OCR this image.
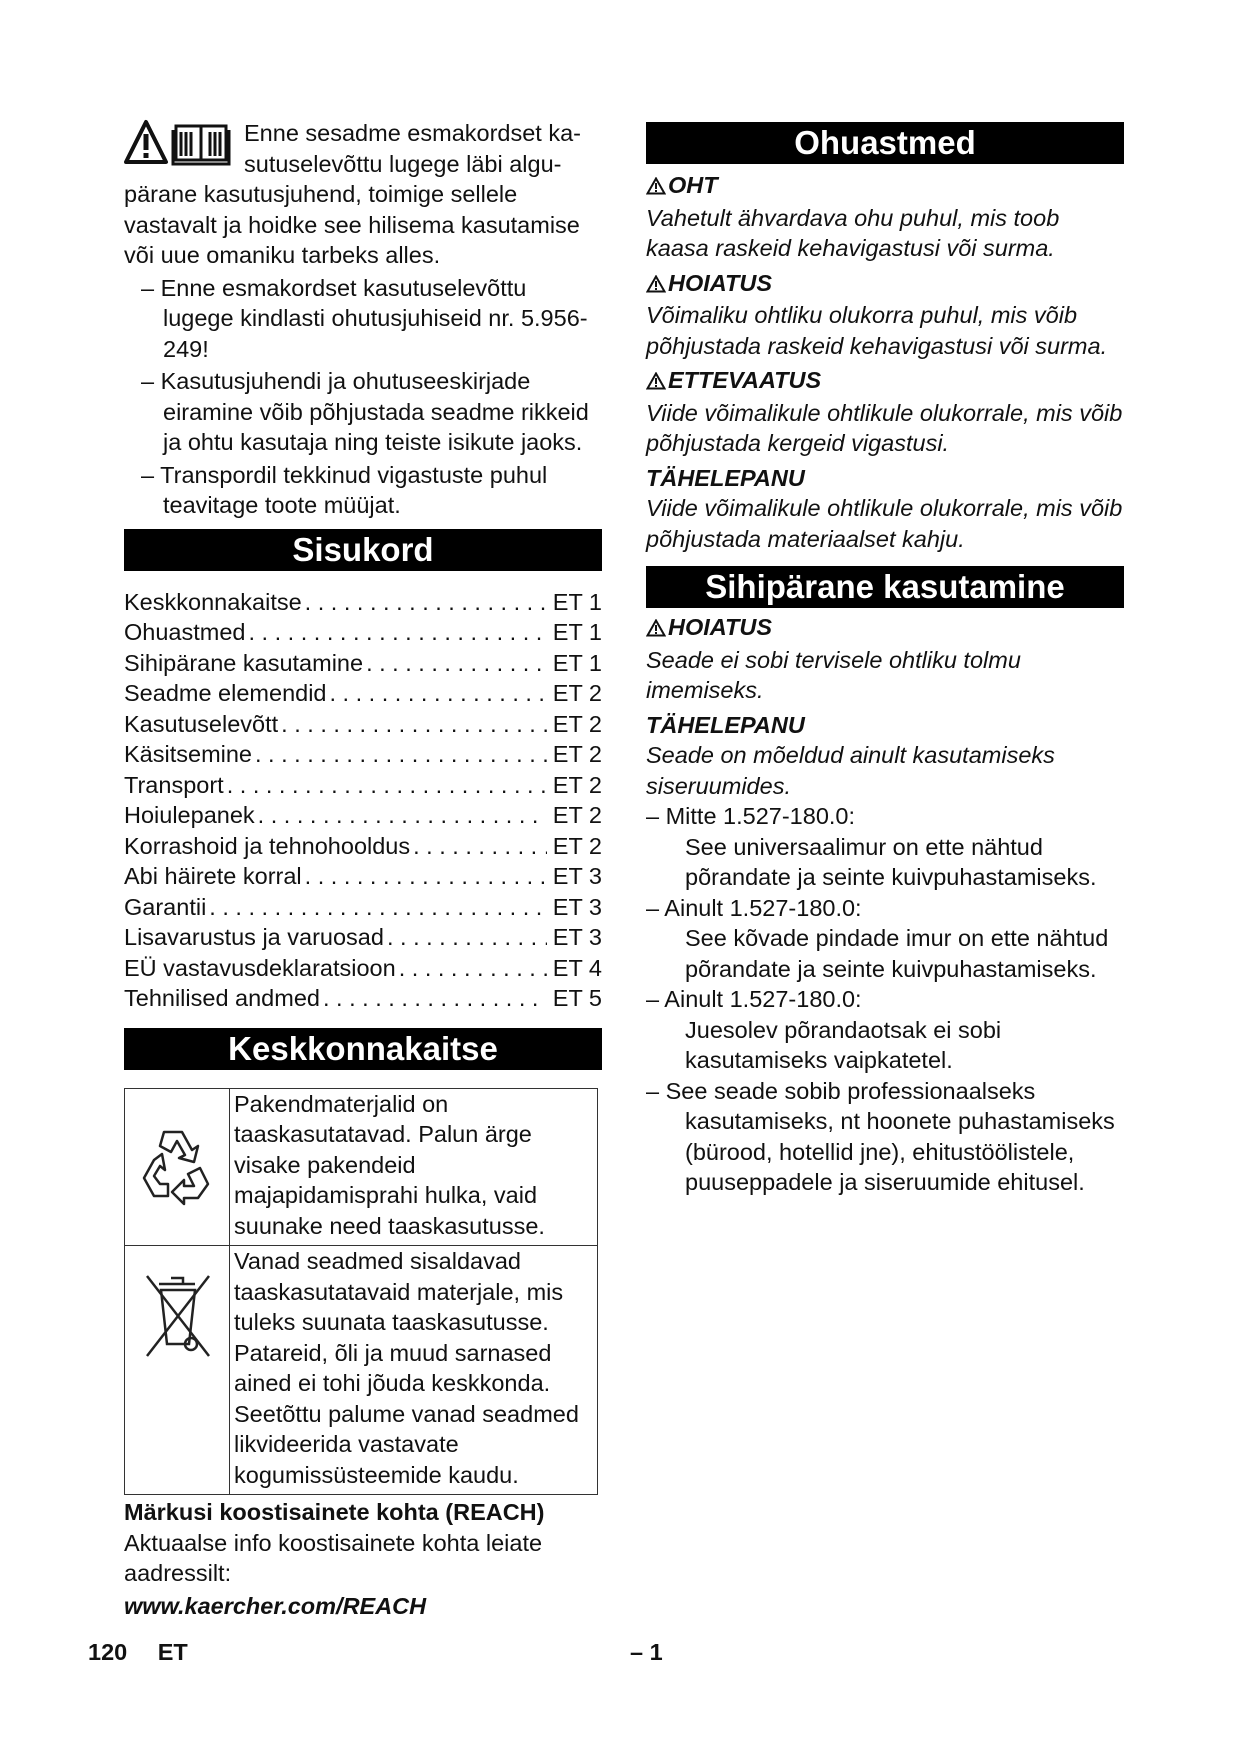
Enne sesadme esmakordset ka-
sutuselevõttu lugege läbi algu-
pärane kasutusjuhend, toimige sellele vastavalt ja hoidke see hilisema kasutamise või uue omaniku tarbeks alles.

– Enne esmakordset kasutuselevõttu lugege kindlasti ohutusjuhiseid nr. 5.956-249!

– Kasutusjuhendi ja ohutuseeskirjade eiramine võib põhjustada seadme rikkeid ja ohtu kasutaja ning teiste isikute jaoks.

– Transpordil tekkinud vigastuste puhul teavitage toote müüjat.

Sisukord
Keskkonnakaitse . . .	ET 1
Ohuastmed . . .	ET 1
Sihipärane kasutamine . . .	ET 1
Seadme elemendid . . .	ET 2
Kasutuselevõtt . . .	ET 2
Käsitsemine . . .	ET 2
Transport . . .	ET 2
Hoiulepanek . . .	ET 2
Korrashoid ja tehnohooldus . . .	ET 2
Abi häirete korral . . .	ET 3
Garantii . . .	ET 3
Lisavarustus ja varuosad . . .	ET 3
EÜ vastavusdeklaratsioon . . .	ET 4
Tehnilised andmed . . .	ET 5
Keskkonnakaitse
	Pakendmaterjalid on taaskasutatavad. Palun ärge visake pakendeid majapidamisprahi hulka, vaid suunake need taaskasutusse.
	Vanad seadmed sisaldavad taaskasutatavaid materjale, mis tuleks suunata taaskasutusse. Patareid, õli ja muud sarnased ained ei tohi jõuda keskkonda. Seetõttu palume vanad seadmed likvideerida vastavate kogumissüsteemide kaudu.

Märkusi koostisainete kohta (REACH)

Aktuaalse info koostisainete kohta leiate aadressilt:

www.kaercher.com/REACH

Ohuastmed

OHT

Vahetult ähvardava ohu puhul, mis toob kaasa raskeid kehavigastusi või surma.

HOIATUS

Võimaliku ohtliku olukorra puhul, mis võib põhjustada raskeid kehavigastusi või surma.

ETTEVAATUS

Viide võimalikule ohtlikule olukorrale, mis võib põhjustada kergeid vigastusi.

TÄHELEPANU

Viide võimalikule ohtlikule olukorrale, mis võib põhjustada materiaalset kahju.

Sihipärane kasutamine

HOIATUS

Seade ei sobi tervisele ohtliku tolmu imemiseks.

TÄHELEPANU

Seade on mõeldud ainult kasutamiseks siseruumides.

– Mitte 1.527-180.0:

See universaalimur on ette nähtud põrandate ja seinte kuivpuhastamiseks.

– Ainult 1.527-180.0:

See kõvade pindade imur on ette nähtud põrandate ja seinte kuivpuhastamiseks.

– Ainult 1.527-180.0:

Juesolev põrandaotsak ei sobi kasutamiseks vaipkatetel.

– See seade sobib professionaalseks kasutamiseks, nt hoonete puhastamiseks (bürood, hotellid jne), ehitustöölistele, puuseppadele ja siseruumide ehitusel.

120 ET	– 1
